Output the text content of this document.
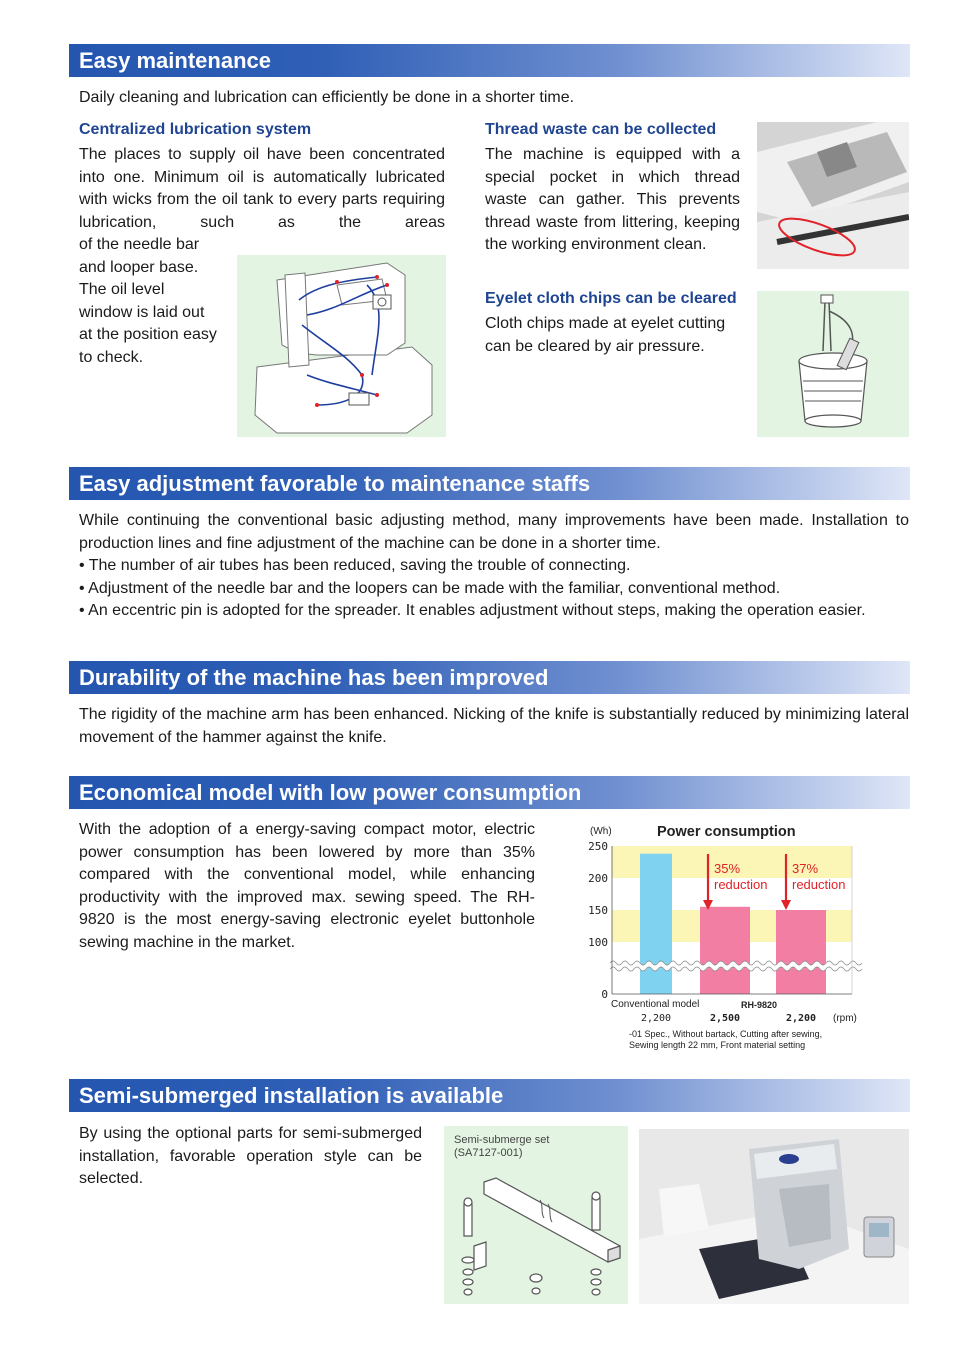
Easy maintenance
Daily cleaning and lubrication can efficiently be done in a shorter time.
Centralized lubrication system
The places to supply oil have been concentrated into one. Minimum oil is automatically lubricated with wicks from the oil tank to every parts requiring lubrication, such as the areas
of the needle bar and looper base. The oil level window is laid out at the position easy to check.
Thread waste can be collected
The machine is equipped with a special pocket in which thread waste can gather. This prevents thread waste from littering, keeping the working environment clean.
Eyelet cloth chips can be cleared
Cloth chips made at eyelet cutting can be cleared by air pressure.
Easy adjustment favorable to maintenance staffs
While continuing the conventional basic adjusting method, many improvements have been made. Installation to production lines and fine adjustment of the machine can be done in a shorter time.
• The number of air tubes has been reduced, saving the trouble of connecting.
• Adjustment of the needle bar and the loopers can be made with the familiar, conventional method.
• An eccentric pin is adopted for the spreader. It enables adjustment without steps, making the operation easier.
Durability of the machine has been improved
The rigidity of the machine arm has been enhanced. Nicking of the knife is substantially reduced by minimizing lateral movement of the hammer against the knife.
Economical model with low power consumption
With the adoption of a energy-saving compact motor, electric power consumption has been lowered by more than 35% compared with the conventional model, while enhancing productivity with the improved max. sewing speed. The RH-9820 is the most energy-saving electronic eyelet buttonhole sewing machine in the market.
(Wh)	Power consumption
250
200
150
100
0
35%
reduction
37%
reduction
Conventional model	RH-9820
2,200	2,500	2,200 (rpm)
-01 Spec., Without bartack, Cutting after sewing,
Sewing length 22 mm, Front material setting
Semi-submerged installation is available
By using the optional parts for semi-submerged installation, favorable operation style can be selected.
Semi-submerge set
(SA7127-001)
